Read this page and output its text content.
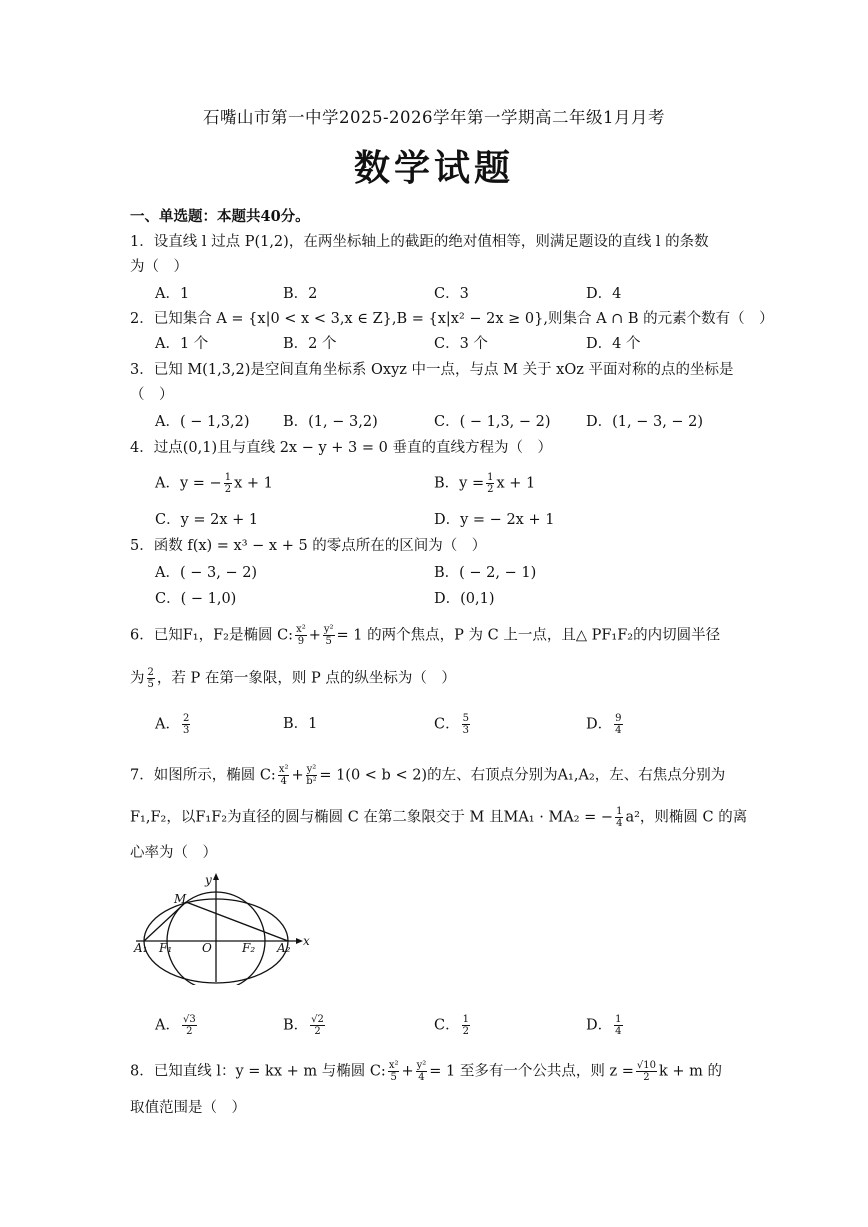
石嘴山市第一中学2025-2026学年第一学期高二年级1月月考
数学试题
一、单选题：本题共40分。
1．设直线 l 过点 P(1,2)，在两坐标轴上的截距的绝对值相等，则满足题设的直线 l 的条数
为（　）
A．1	B．2	C．3	D．4
2．已知集合 A = {x|0 < x < 3,x ∈ Z},B = {x|x² − 2x ≥ 0},则集合 A ∩ B 的元素个数有（　）
A．1 个	B．2 个	C．3 个	D．4 个
3．已知 M(1,3,2)是空间直角坐标系 Oxyz 中一点，与点 M 关于 xOz 平面对称的点的坐标是
（　）
A．( − 1,3,2) B．(1, − 3,2)	C．( − 1,3, − 2) D．(1, − 3, − 2)
4．过点(0,1)且与直线 2x − y + 3 = 0 垂直的直线方程为（　）
A．y = − $\frac{1}{2}$ x + 1	B．$y = \frac{1}{2}$ x + 1
C．y = 2x + 1	D．y = − 2x + 1
5．函数 f(x) = x³ − x + 5 的零点所在的区间为（　）
A．( − 3, − 2)	B．( − 2, − 1)
C．( − 1,0)	D．(0,1)
6．已知F₁，F₂是椭圆 C: $\frac{\text{x²}}{9} + \frac{\text{y²}}{5} = 1$ 的两个焦点，P 为 C 上一点，且△ PF₁F₂的内切圆半径
为 $\frac{2}{5}$ ，若 P 在第一象限，则 P 点的纵坐标为（　）
A． $\frac{2}{3}$	B．1	C． $\frac{5}{3}$	D． $\frac{9}{4}$
7．如图所示，椭圆 C: $\frac{\text{x²}}{4} + \frac{\text{y²}}{\text{b²}} = 1(0 < b < 2)$的左、右顶点分别为A₁,A₂，左、右焦点分别为
F₁,F₂，以F₁F₂为直径的圆与椭圆 C 在第二象限交于 M 且MA₁ · MA₂ = − $\frac{1}{4} a^2$，则椭圆 C 的离
心率为（　）
y
x
M
O
A₁ F₁	F₂ A₂
A． $\frac{√3}{2}$	B． $\frac{√2}{2}$	C． $\frac{1}{2}$	D． $\frac{1}{4}$
8．已知直线 l：y = kx + m 与椭圆 C: $\frac{\text{x²}}{5} + \frac{\text{y²}}{4} = 1$ 至多有一个公共点，则 $z = \frac{√10}{2}$ k + m 的
取值范围是（　）
